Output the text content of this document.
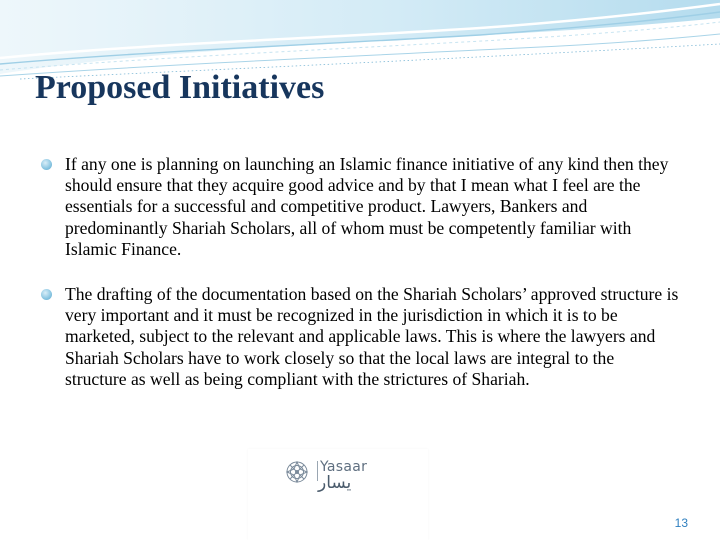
Proposed Initiatives

If any one is planning on launching an Islamic finance initiative of any kind then they should ensure that they acquire good advice and by that I mean what I feel are the essentials for a successful and competitive product. Lawyers, Bankers and predominantly Shariah Scholars, all of whom must be competently familiar with Islamic Finance.

The drafting of the documentation based on the Shariah Scholars’ approved structure is very important and it must be recognized in the jurisdiction in which it is to be marketed, subject to the relevant and applicable laws. This is where the lawyers and Shariah Scholars have to work closely so that the local laws are integral to the structure as well as being compliant with the strictures of Shariah.

Yasaar
يسار
13
